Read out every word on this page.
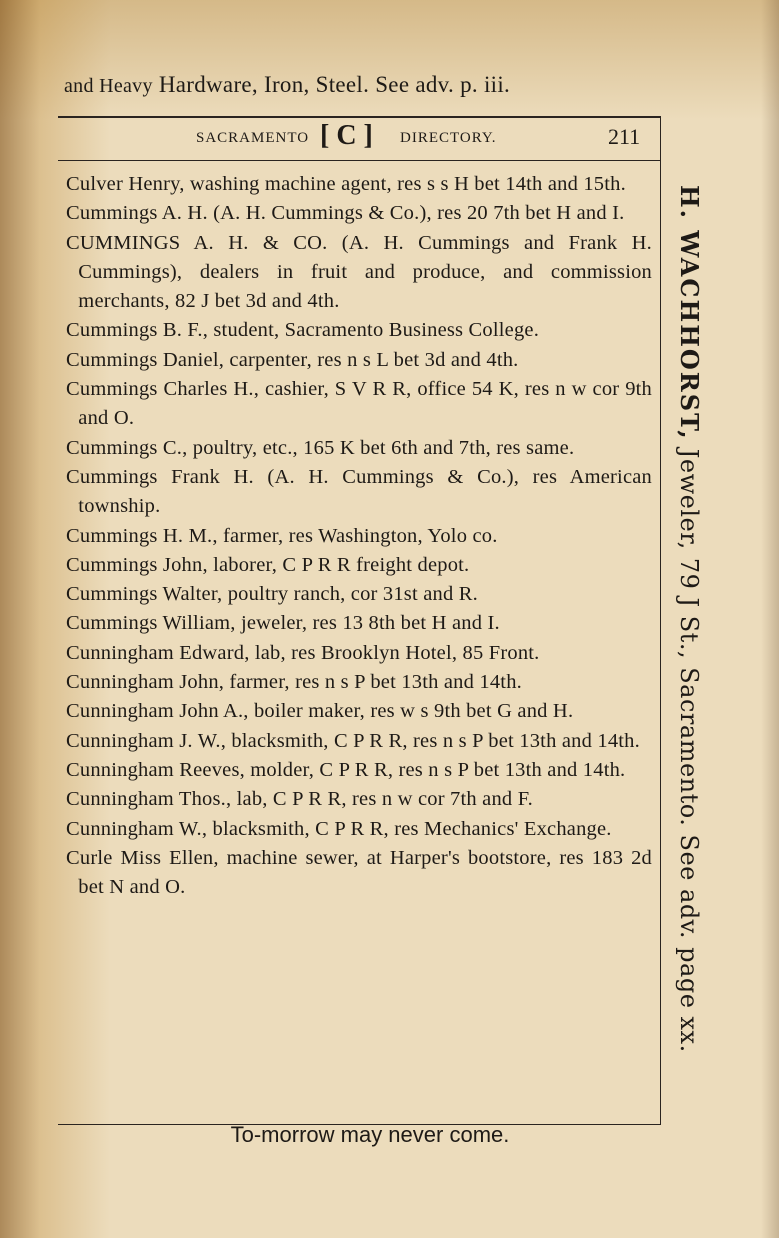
and Heavy Hardware, Iron, Steel. See adv. p. iii.
SACRAMENTO [ C ] DIRECTORY.	211
Culver Henry, washing machine agent, res s s H bet 14th and 15th.
Cummings A. H. (A. H. Cummings & Co.), res 20 7th bet H and I.
CUMMINGS A. H. & CO. (A. H. Cummings and Frank H. Cummings), dealers in fruit and produce, and commission merchants, 82 J bet 3d and 4th.
Cummings B. F., student, Sacramento Business College.
Cummings Daniel, carpenter, res n s L bet 3d and 4th.
Cummings Charles H., cashier, S V R R, office 54 K, res n w cor 9th and O.
Cummings C., poultry, etc., 165 K bet 6th and 7th, res same.
Cummings Frank H. (A. H. Cummings & Co.), res American township.
Cummings H. M., farmer, res Washington, Yolo co.
Cummings John, laborer, C P R R freight depot.
Cummings Walter, poultry ranch, cor 31st and R.
Cummings William, jeweler, res 13 8th bet H and I.
Cunningham Edward, lab, res Brooklyn Hotel, 85 Front.
Cunningham John, farmer, res n s P bet 13th and 14th.
Cunningham John A., boiler maker, res w s 9th bet G and H.
Cunningham J. W., blacksmith, C P R R, res n s P bet 13th and 14th.
Cunningham Reeves, molder, C P R R, res n s P bet 13th and 14th.
Cunningham Thos., lab, C P R R, res n w cor 7th and F.
Cunningham W., blacksmith, C P R R, res Mechanics' Exchange.
Curle Miss Ellen, machine sewer, at Harper's bootstore, res 183 2d bet N and O.
H. WACHHORST, Jeweler, 79 J St., Sacramento. See adv. page xx.
To-morrow may never come.
